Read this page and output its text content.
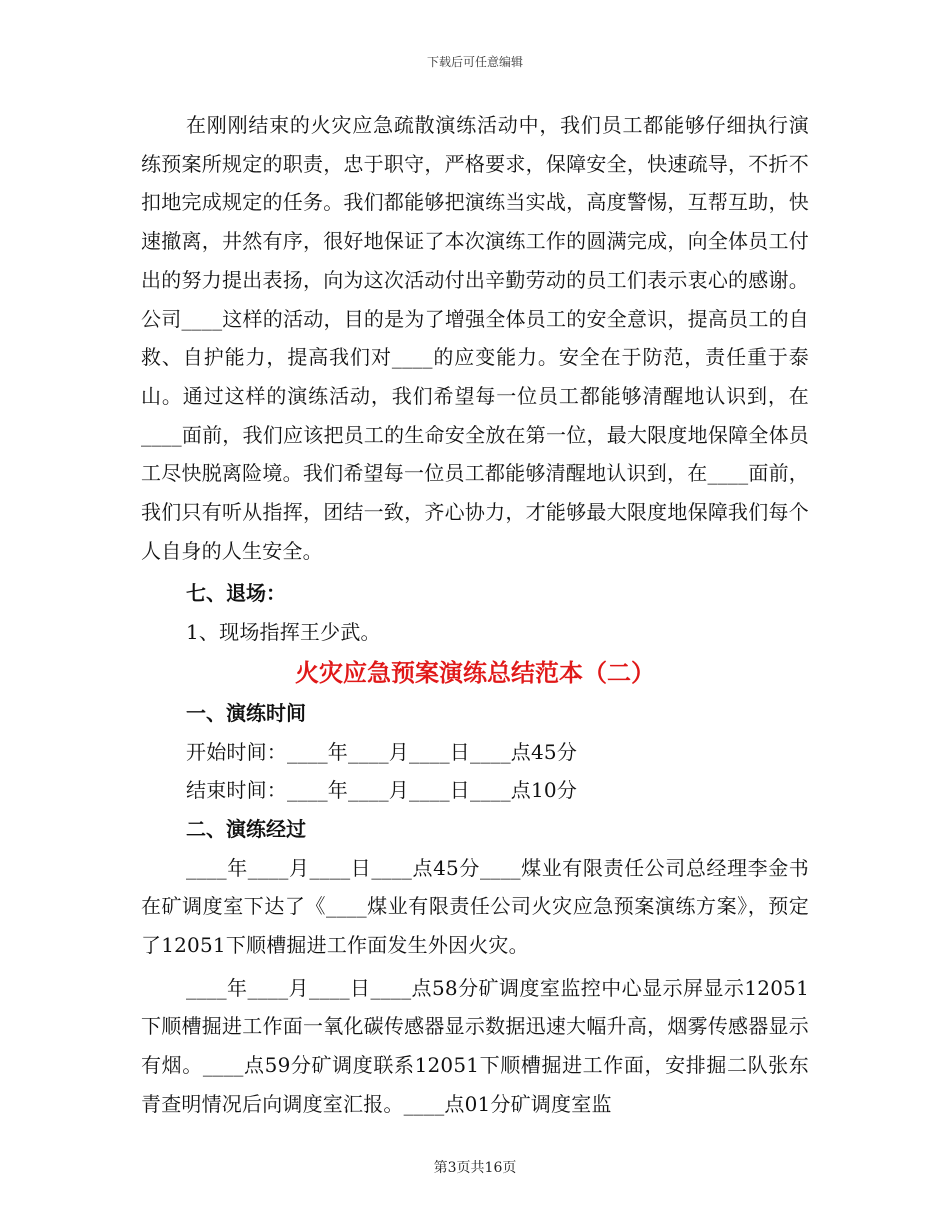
下载后可任意编辑

在刚刚结束的火灾应急疏散演练活动中，我们员工都能够仔细执行演练预案所规定的职责，忠于职守，严格要求，保障安全，快速疏导，不折不扣地完成规定的任务。我们都能够把演练当实战，高度警惕，互帮互助，快速撤离，井然有序，很好地保证了本次演练工作的圆满完成，向全体员工付出的努力提出表扬，向为这次活动付出辛勤劳动的员工们表示衷心的感谢。公司____这样的活动，目的是为了增强全体员工的安全意识，提高员工的自救、自护能力，提高我们对____的应变能力。安全在于防范，责任重于泰山。通过这样的演练活动，我们希望每一位员工都能够清醒地认识到，在____面前，我们应该把员工的生命安全放在第一位，最大限度地保障全体员工尽快脱离险境。我们希望每一位员工都能够清醒地认识到，在____面前，我们只有听从指挥，团结一致，齐心协力，才能够最大限度地保障我们每个人自身的人生安全。

七、退场：

1、现场指挥王少武。

火灾应急预案演练总结范本（二）

一、演练时间

开始时间：____年____月____日____点45分

结束时间：____年____月____日____点10分

二、演练经过

____年____月____日____点45分____煤业有限责任公司总经理李金书在矿调度室下达了《____煤业有限责任公司火灾应急预案演练方案》，预定了12051下顺槽掘进工作面发生外因火灾。

____年____月____日____点58分矿调度室监控中心显示屏显示12051下顺槽掘进工作面一氧化碳传感器显示数据迅速大幅升高，烟雾传感器显示有烟。____点59分矿调度联系12051下顺槽掘进工作面，安排掘二队张东青查明情况后向调度室汇报。____点01分矿调度室监

第3页共16页
